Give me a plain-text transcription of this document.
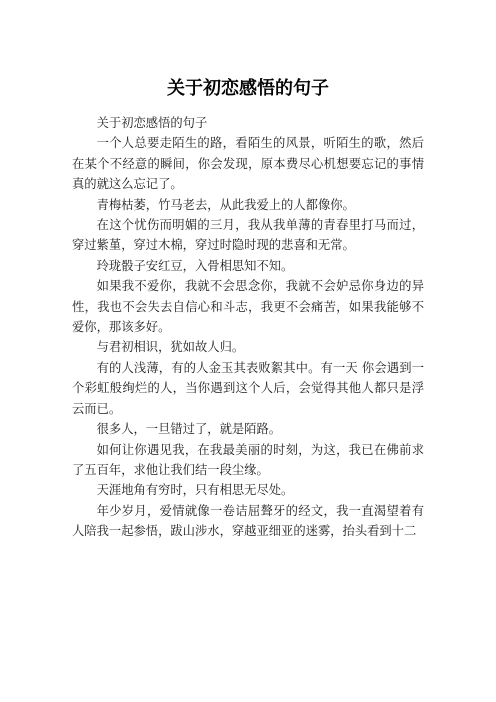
关于初恋感悟的句子

关于初恋感悟的句子

一个人总要走陌生的路，看陌生的风景，听陌生的歌，然后在某个不经意的瞬间，你会发现，原本费尽心机想要忘记的事情真的就这么忘记了。

青梅枯萎，竹马老去，从此我爱上的人都像你。

在这个忧伤而明媚的三月，我从我单薄的青春里打马而过，穿过紫堇，穿过木棉，穿过时隐时现的悲喜和无常。

玲珑骰子安红豆，入骨相思知不知。

如果我不爱你，我就不会思念你，我就不会妒忌你身边的异性，我也不会失去自信心和斗志，我更不会痛苦，如果我能够不爱你，那该多好。

与君初相识，犹如故人归。

有的人浅薄，有的人金玉其表败絮其中。有一天 你会遇到一个彩虹般绚烂的人，当你遇到这个人后，会觉得其他人都只是浮云而已。

很多人，一旦错过了，就是陌路。

如何让你遇见我，在我最美丽的时刻，为这，我已在佛前求了五百年，求他让我们结一段尘缘。

天涯地角有穷时，只有相思无尽处。

年少岁月，爱情就像一卷诘屈聱牙的经文，我一直渴望着有人陪我一起参悟，跋山涉水，穿越亚细亚的迷雾，抬头看到十二
